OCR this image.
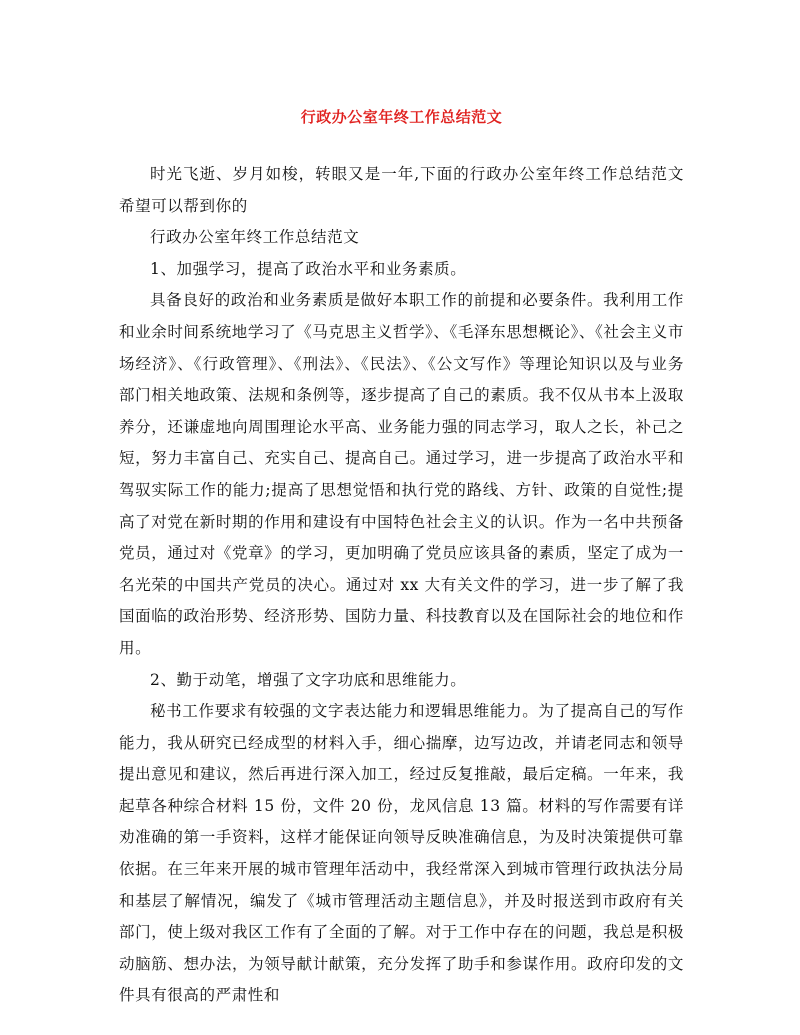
行政办公室年终工作总结范文

时光飞逝、岁月如梭，转眼又是一年,下面的行政办公室年终工作总结范文希望可以帮到你的

行政办公室年终工作总结范文

1、加强学习，提高了政治水平和业务素质。

具备良好的政治和业务素质是做好本职工作的前提和必要条件。我利用工作和业余时间系统地学习了《马克思主义哲学》、《毛泽东思想概论》、《社会主义市场经济》、《行政管理》、《刑法》、《民法》、《公文写作》等理论知识以及与业务部门相关地政策、法规和条例等，逐步提高了自己的素质。我不仅从书本上汲取养分，还谦虚地向周围理论水平高、业务能力强的同志学习，取人之长，补己之短，努力丰富自己、充实自己、提高自己。通过学习，进一步提高了政治水平和驾驭实际工作的能力;提高了思想觉悟和执行党的路线、方针、政策的自觉性;提高了对党在新时期的作用和建设有中国特色社会主义的认识。作为一名中共预备党员，通过对《党章》的学习，更加明确了党员应该具备的素质，坚定了成为一名光荣的中国共产党员的决心。通过对 xx 大有关文件的学习，进一步了解了我国面临的政治形势、经济形势、国防力量、科技教育以及在国际社会的地位和作用。

2、勤于动笔，增强了文字功底和思维能力。

秘书工作要求有较强的文字表达能力和逻辑思维能力。为了提高自己的写作能力，我从研究已经成型的材料入手，细心揣摩，边写边改，并请老同志和领导提出意见和建议，然后再进行深入加工，经过反复推敲，最后定稿。一年来，我起草各种综合材料 15 份，文件 20 份，龙风信息 13 篇。材料的写作需要有详劝准确的第一手资料，这样才能保证向领导反映准确信息，为及时决策提供可靠依据。在三年来开展的城市管理年活动中，我经常深入到城市管理行政执法分局和基层了解情况，编发了《城市管理活动主题信息》，并及时报送到市政府有关部门，使上级对我区工作有了全面的了解。对于工作中存在的问题，我总是积极动脑筋、想办法，为领导献计献策，充分发挥了助手和参谋作用。政府印发的文件具有很高的严肃性和
